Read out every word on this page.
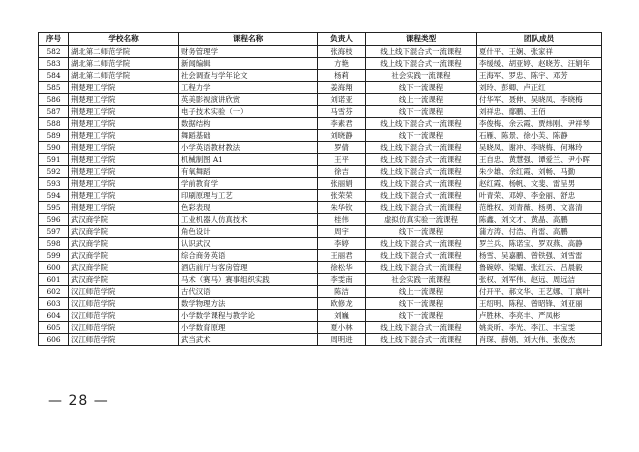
序号	学校名称	课程名称	负责人	课程类型	团队成员
582	湖北第二师范学院	财务管理学	张海枝	线上线下混合式一流课程	夏什平、王娴、张家祥
583	湖北第二师范学院	新闻编辑	方艳	线上线下混合式一流课程	李缓缓、胡亚婷、赵晓芳、汪娟年
584	湖北第二师范学院	社会调查与学年论文	杨莉	社会实践一流课程	王海军、罗忠、陈宇、邓芳
585	荆楚理工学院	工程力学	姜海翔	线下一流课程	刘玲、彭卿、卢正红
586	荆楚理工学院	英美影视演讲欣赏	刘诺亚	线上一流课程	付华军、聂伸、吴晓凤、李晓梅
587	荆楚理工学院	电子技术实验（一）	马雪芬	线下一流课程	刘祥忠、鄢鹏、王佰
588	荆楚理工学院	数据结构	李素君	线上线下混合式一流课程	李俊梅、余云霞、贾炜刚、尹祥琴
589	荆楚理工学院	舞蹈基础	刘晓静	线下一流课程	石雁、陈景、徐小芙、陈静
590	荆楚理工学院	小学英语教材教法	罗倩	线上线下混合式一流课程	吴晓凤、谢冲、李晓梅、何琳玲
591	荆楚理工学院	机械制图 A1	王平	线上线下混合式一流课程	王自忠、黄慧强、谭爱兰、尹小晖
592	荆楚理工学院	有氧舞蹈	徐吉	线上线下混合式一流课程	朱少雄、余红霞、刘畅、马勤
593	荆楚理工学院	学前教育学	张丽娟	线上线下混合式一流课程	赵红霞、杨帆、文斐、雷呈男
594	荆楚理工学院	印刷原理与工艺	张荣荣	线上线下混合式一流课程	叶青荣、邓婷、李金丽、舒忠
595	荆楚理工学院	色彩表现	朱华钦	线上线下混合式一流课程	范维权、刘青薇、杨勇、文喜清
596	武汉商学院	工业机器人仿真技术	桂伟	虚拟仿真实验一流课程	陈鑫、刘文才、黄晶、高鹏
597	武汉商学院	角色设计	周宇	线下一流课程	蒲方涛、付浩、肖雷、高鹏
598	武汉商学院	认识武汉	李婷	线上线下混合式一流课程	罗兰兵、陈诺宝、罗双燕、高静
599	武汉商学院	综合商务英语	王丽君	线上线下混合式一流课程	杨雪、吴嘉鹏、曾铁强、刘雪雷
600	武汉商学院	酒店前厅与客房管理	徐松华	线上线下混合式一流课程	鲁碗婷、梁耀、张红云、吕晨毅
601	武汉商学院	马术（赛马）赛事组织实践	李雯南	社会实践一流课程	张权、刘军伟、赵远、周远洁
602	汉江师范学院	古代汉语	陈洁	线上一流课程	付开平、郝文华、王艺娜、丁禀叶
603	汉江师范学院	数学物理方法	欧修龙	线下一流课程	王绍明、陈程、曾昭锋、刘亚丽
604	汉江师范学院	小学数学课程与教学论	刘巍	线下一流课程	卢胜林、李亮丰、严凤彬
605	汉江师范学院	小学数育原理	夏小林	线上线下混合式一流课程	姚炎昕、李光、李江、丰宝雯
606	汉江师范学院	武当武术	周明进	线上线下混合式一流课程	肖琛、薛娟、刘大伟、张俊杰
— 28 —
